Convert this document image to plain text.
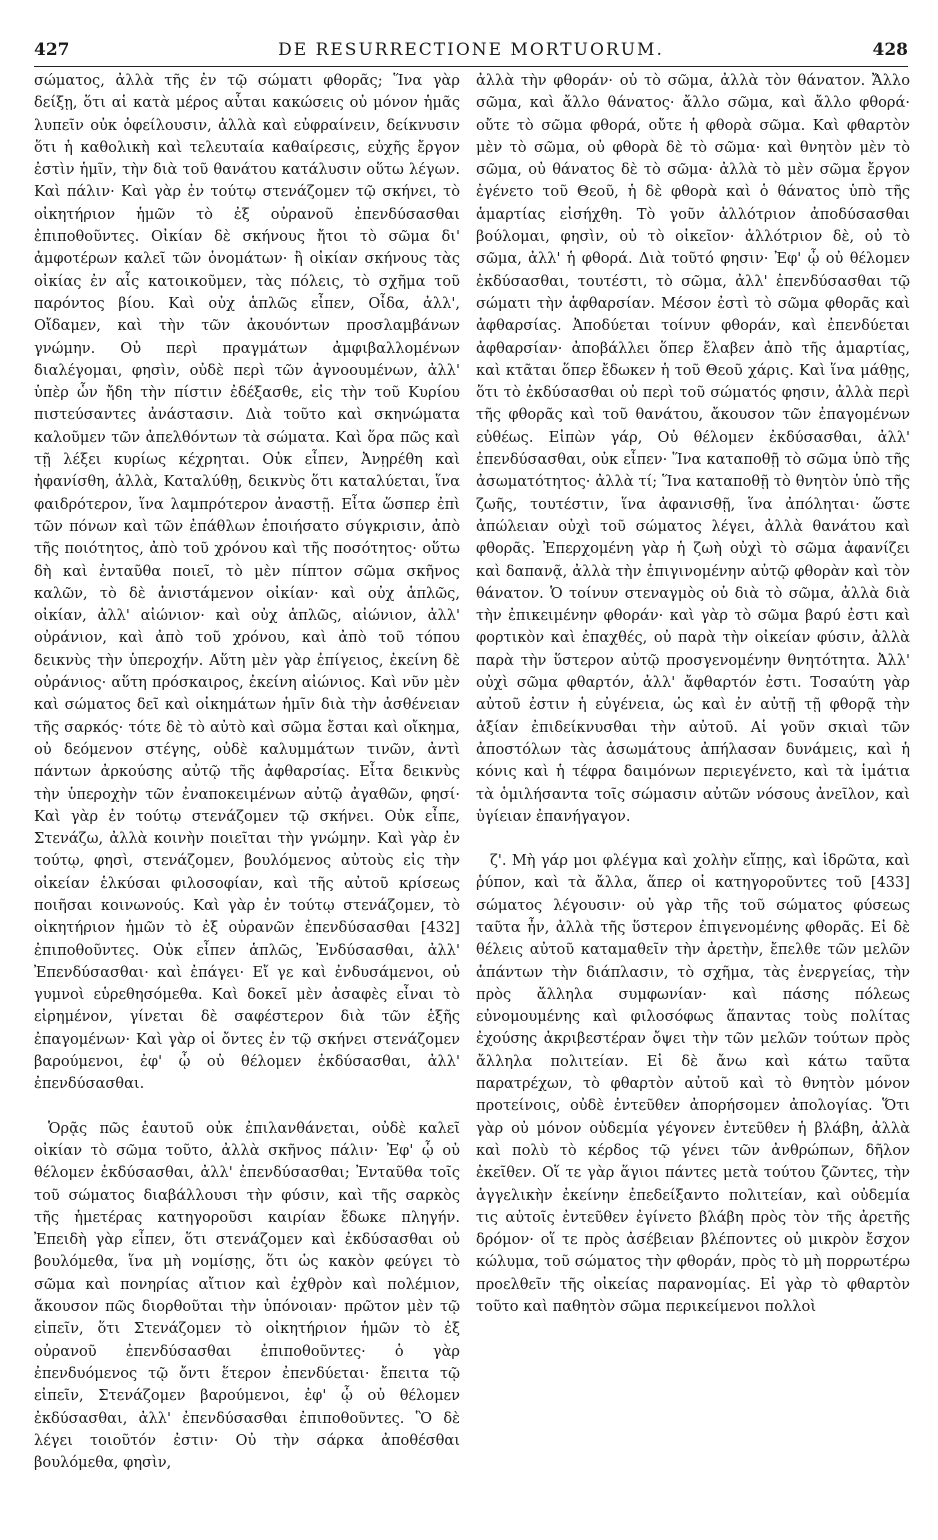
427	DE RESURRECTIONE MORTUORUM.	428

σώματος, ἀλλὰ τῆς ἐν τῷ σώματι φθορᾶς; Ἵνα γὰρ δείξῃ, ὅτι αἱ κατὰ μέρος αὗται κακώσεις οὐ μόνον ἡμᾶς λυπεῖν οὐκ ὀφείλουσιν, ἀλλὰ καὶ εὐφραίνειν, δείκνυσιν ὅτι ἡ καθολικὴ καὶ τελευταία καθαίρεσις, εὐχῆς ἔργον ἐστὶν ἡμῖν, τὴν διὰ τοῦ θανάτου κατάλυσιν οὕτω λέγων. Καὶ πάλιν· Καὶ γὰρ ἐν τούτῳ στενάζομεν τῷ σκήνει, τὸ οἰκητήριον ἡμῶν τὸ ἐξ οὐρανοῦ ἐπενδύσασθαι ἐπιποθοῦντες. Οἰκίαν δὲ σκήνους ἤτοι τὸ σῶμα δι' ἀμφοτέρων καλεῖ τῶν ὀνομάτων· ἢ οἰκίαν σκήνους τὰς οἰκίας ἐν αἷς κατοικοῦμεν, τὰς πόλεις, τὸ σχῆμα τοῦ παρόντος βίου. Καὶ οὐχ ἁπλῶς εἶπεν, Οἶδα, ἀλλ', Οἴδαμεν, καὶ τὴν τῶν ἀκουόντων προσλαμβάνων γνώμην. Οὐ περὶ πραγμάτων ἀμφιβαλλομένων διαλέγομαι, φησὶν, οὐδὲ περὶ τῶν ἀγνοουμένων, ἀλλ' ὑπὲρ ὧν ἤδη τὴν πίστιν ἐδέξασθε, εἰς τὴν τοῦ Κυρίου πιστεύσαντες ἀνάστασιν. Διὰ τοῦτο καὶ σκηνώματα καλοῦμεν τῶν ἀπελθόντων τὰ σώματα. Καὶ ὅρα πῶς καὶ τῇ λέξει κυρίως κέχρηται. Οὐκ εἶπεν, Ἀνῃρέθη καὶ ἠφανίσθη, ἀλλὰ, Καταλύθῃ, δεικνὺς ὅτι καταλύεται, ἵνα φαιδρότερον, ἵνα λαμπρότερον ἀναστῇ. Εἶτα ὥσπερ ἐπὶ τῶν πόνων καὶ τῶν ἐπάθλων ἐποιήσατο σύγκρισιν, ἀπὸ τῆς ποιότητος, ἀπὸ τοῦ χρόνου καὶ τῆς ποσότητος· οὕτω δὴ καὶ ἐνταῦθα ποιεῖ, τὸ μὲν πίπτον σῶμα σκῆνος καλῶν, τὸ δὲ ἀνιστάμενον οἰκίαν· καὶ οὐχ ἁπλῶς, οἰκίαν, ἀλλ' αἰώνιον· καὶ οὐχ ἁπλῶς, αἰώνιον, ἀλλ' οὐράνιον, καὶ ἀπὸ τοῦ χρόνου, καὶ ἀπὸ τοῦ τόπου δεικνὺς τὴν ὑπεροχήν. Αὕτη μὲν γὰρ ἐπίγειος, ἐκείνη δὲ οὐράνιος· αὕτη πρόσκαιρος, ἐκείνη αἰώνιος. Καὶ νῦν μὲν καὶ σώματος δεῖ καὶ οἰκημάτων ἡμῖν διὰ τὴν ἀσθένειαν τῆς σαρκός· τότε δὲ τὸ αὐτὸ καὶ σῶμα ἔσται καὶ οἴκημα, οὐ δεόμενον στέγης, οὐδὲ καλυμμάτων τινῶν, ἀντὶ πάντων ἀρκούσης αὐτῷ τῆς ἀφθαρσίας. Εἶτα δεικνὺς τὴν ὑπεροχὴν τῶν ἐναποκειμένων αὐτῷ ἀγαθῶν, φησί· Καὶ γὰρ ἐν τούτῳ στενάζομεν τῷ σκήνει. Οὐκ εἶπε, Στενάζω, ἀλλὰ κοινὴν ποιεῖται τὴν γνώμην. Καὶ γὰρ ἐν τούτῳ, φησὶ, στενάζομεν, βουλόμενος αὐτοὺς εἰς τὴν οἰκείαν ἑλκύσαι φιλοσοφίαν, καὶ τῆς αὐτοῦ κρίσεως ποιῆσαι κοινωνούς. Καὶ γὰρ ἐν τούτῳ στενάζομεν, τὸ οἰκητήριον ἡμῶν τὸ ἐξ οὐρανῶν ἐπενδύσασθαι [432] ἐπιποθοῦντες. Οὐκ εἶπεν ἁπλῶς, Ἐνδύσασθαι, ἀλλ' Ἐπενδύσασθαι· καὶ ἐπάγει· Εἴ γε καὶ ἐνδυσάμενοι, οὐ γυμνοὶ εὑρεθησόμεθα. Καὶ δοκεῖ μὲν ἀσαφὲς εἶναι τὸ εἰρημένον, γίνεται δὲ σαφέστερον διὰ τῶν ἑξῆς ἐπαγομένων· Καὶ γὰρ οἱ ὄντες ἐν τῷ σκήνει στενάζομεν βαρούμενοι, ἐφ' ᾧ οὐ θέλομεν ἐκδύσασθαι, ἀλλ' ἐπενδύσασθαι.

Ὁρᾷς πῶς ἑαυτοῦ οὐκ ἐπιλανθάνεται, οὐδὲ καλεῖ οἰκίαν τὸ σῶμα τοῦτο, ἀλλὰ σκῆνος πάλιν· Ἐφ' ᾧ οὐ θέλομεν ἐκδύσασθαι, ἀλλ' ἐπενδύσασθαι; Ἐνταῦθα τοῖς τοῦ σώματος διαβάλλουσι τὴν φύσιν, καὶ τῆς σαρκὸς τῆς ἡμετέρας κατηγοροῦσι καιρίαν ἔδωκε πληγήν. Ἐπειδὴ γὰρ εἶπεν, ὅτι στενάζομεν καὶ ἐκδύσασθαι οὐ βουλόμεθα, ἵνα μὴ νομίσῃς, ὅτι ὡς κακὸν φεύγει τὸ σῶμα καὶ πονηρίας αἴτιον καὶ ἐχθρὸν καὶ πολέμιον, ἄκουσον πῶς διορθοῦται τὴν ὑπόνοιαν· πρῶτον μὲν τῷ εἰπεῖν, ὅτι Στενάζομεν τὸ οἰκητήριον ἡμῶν τὸ ἐξ οὐρανοῦ ἐπενδύσασθαι ἐπιποθοῦντες· ὁ γὰρ ἐπενδυόμενος τῷ ὄντι ἕτερον ἐπενδύεται· ἔπειτα τῷ εἰπεῖν, Στενάζομεν βαρούμενοι, ἐφ' ᾧ οὐ θέλομεν ἐκδύσασθαι, ἀλλ' ἐπενδύσασθαι ἐπιποθοῦντες. Ὃ δὲ λέγει τοιοῦτόν ἐστιν· Οὐ τὴν σάρκα ἀποθέσθαι βουλόμεθα, φησὶν,

ἀλλὰ τὴν φθοράν· οὐ τὸ σῶμα, ἀλλὰ τὸν θάνατον. Ἄλλο σῶμα, καὶ ἄλλο θάνατος· ἄλλο σῶμα, καὶ ἄλλο φθορά· οὔτε τὸ σῶμα φθορά, οὔτε ἡ φθορὰ σῶμα. Καὶ φθαρτὸν μὲν τὸ σῶμα, οὐ φθορὰ δὲ τὸ σῶμα· καὶ θνητὸν μὲν τὸ σῶμα, οὐ θάνατος δὲ τὸ σῶμα· ἀλλὰ τὸ μὲν σῶμα ἔργον ἐγένετο τοῦ Θεοῦ, ἡ δὲ φθορὰ καὶ ὁ θάνατος ὑπὸ τῆς ἁμαρτίας εἰσήχθη. Τὸ γοῦν ἀλλότριον ἀποδύσασθαι βούλομαι, φησὶν, οὐ τὸ οἰκεῖον· ἀλλότριον δὲ, οὐ τὸ σῶμα, ἀλλ' ἡ φθορά. Διὰ τοῦτό φησιν· Ἐφ' ᾧ οὐ θέλομεν ἐκδύσασθαι, τουτέστι, τὸ σῶμα, ἀλλ' ἐπενδύσασθαι τῷ σώματι τὴν ἀφθαρσίαν. Μέσον ἐστὶ τὸ σῶμα φθορᾶς καὶ ἀφθαρσίας. Ἀποδύεται τοίνυν φθοράν, καὶ ἐπενδύεται ἀφθαρσίαν· ἀποβάλλει ὅπερ ἔλαβεν ἀπὸ τῆς ἁμαρτίας, καὶ κτᾶται ὅπερ ἔδωκεν ἡ τοῦ Θεοῦ χάρις. Καὶ ἵνα μάθῃς, ὅτι τὸ ἐκδύσασθαι οὐ περὶ τοῦ σώματός φησιν, ἀλλὰ περὶ τῆς φθορᾶς καὶ τοῦ θανάτου, ἄκουσον τῶν ἐπαγομένων εὐθέως. Εἰπὼν γάρ, Οὐ θέλομεν ἐκδύσασθαι, ἀλλ' ἐπενδύσασθαι, οὐκ εἶπεν· Ἵνα καταποθῇ τὸ σῶμα ὑπὸ τῆς ἀσωματότητος· ἀλλὰ τί; Ἵνα καταποθῇ τὸ θνητὸν ὑπὸ τῆς ζωῆς, τουτέστιν, ἵνα ἀφανισθῇ, ἵνα ἀπόληται· ὥστε ἀπώλειαν οὐχὶ τοῦ σώματος λέγει, ἀλλὰ θανάτου καὶ φθορᾶς. Ἐπερχομένη γὰρ ἡ ζωὴ οὐχὶ τὸ σῶμα ἀφανίζει καὶ δαπανᾷ, ἀλλὰ τὴν ἐπιγινομένην αὐτῷ φθορὰν καὶ τὸν θάνατον. Ὁ τοίνυν στεναγμὸς οὐ διὰ τὸ σῶμα, ἀλλὰ διὰ τὴν ἐπικειμένην φθοράν· καὶ γὰρ τὸ σῶμα βαρύ ἐστι καὶ φορτικὸν καὶ ἐπαχθές, οὐ παρὰ τὴν οἰκείαν φύσιν, ἀλλὰ παρὰ τὴν ὕστερον αὐτῷ προσγενομένην θνητότητα. Ἀλλ' οὐχὶ σῶμα φθαρτόν, ἀλλ' ἄφθαρτόν ἐστι. Τοσαύτη γὰρ αὐτοῦ ἐστιν ἡ εὐγένεια, ὡς καὶ ἐν αὐτῇ τῇ φθορᾷ τὴν ἀξίαν ἐπιδείκνυσθαι τὴν αὐτοῦ. Αἱ γοῦν σκιαὶ τῶν ἀποστόλων τὰς ἀσωμάτους ἀπήλασαν δυνάμεις, καὶ ἡ κόνις καὶ ἡ τέφρα δαιμόνων περιεγένετο, καὶ τὰ ἱμάτια τὰ ὁμιλήσαντα τοῖς σώμασιν αὐτῶν νόσους ἀνεῖλον, καὶ ὑγίειαν ἐπανήγαγον.

ζ'. Μὴ γάρ μοι φλέγμα καὶ χολὴν εἴπῃς, καὶ ἱδρῶτα, καὶ ῥύπον, καὶ τὰ ἄλλα, ἅπερ οἱ κατηγοροῦντες τοῦ [433] σώματος λέγουσιν· οὐ γὰρ τῆς τοῦ σώματος φύσεως ταῦτα ἦν, ἀλλὰ τῆς ὕστερον ἐπιγενομένης φθορᾶς. Εἰ δὲ θέλεις αὐτοῦ καταμαθεῖν τὴν ἀρετὴν, ἔπελθε τῶν μελῶν ἁπάντων τὴν διάπλασιν, τὸ σχῆμα, τὰς ἐνεργείας, τὴν πρὸς ἄλληλα συμφωνίαν· καὶ πάσης πόλεως εὐνομουμένης καὶ φιλοσόφως ἅπαντας τοὺς πολίτας ἐχούσης ἀκριβεστέραν ὄψει τὴν τῶν μελῶν τούτων πρὸς ἄλληλα πολιτείαν. Εἰ δὲ ἄνω καὶ κάτω ταῦτα παρατρέχων, τὸ φθαρτὸν αὐτοῦ καὶ τὸ θνητὸν μόνον προτείνοις, οὐδὲ ἐντεῦθεν ἀπορήσομεν ἀπολογίας. Ὅτι γὰρ οὐ μόνον οὐδεμία γέγονεν ἐντεῦθεν ἡ βλάβη, ἀλλὰ καὶ πολὺ τὸ κέρδος τῷ γένει τῶν ἀνθρώπων, δῆλον ἐκεῖθεν. Οἵ τε γὰρ ἅγιοι πάντες μετὰ τούτου ζῶντες, τὴν ἀγγελικὴν ἐκείνην ἐπεδείξαντο πολιτείαν, καὶ οὐδεμία τις αὐτοῖς ἐντεῦθεν ἐγίνετο βλάβη πρὸς τὸν τῆς ἀρετῆς δρόμον· οἵ τε πρὸς ἀσέβειαν βλέποντες οὐ μικρὸν ἔσχον κώλυμα, τοῦ σώματος τὴν φθοράν, πρὸς τὸ μὴ πορρωτέρω προελθεῖν τῆς οἰκείας παρανομίας. Εἰ γὰρ τὸ φθαρτὸν τοῦτο καὶ παθητὸν σῶμα περικείμενοι πολλοὶ
